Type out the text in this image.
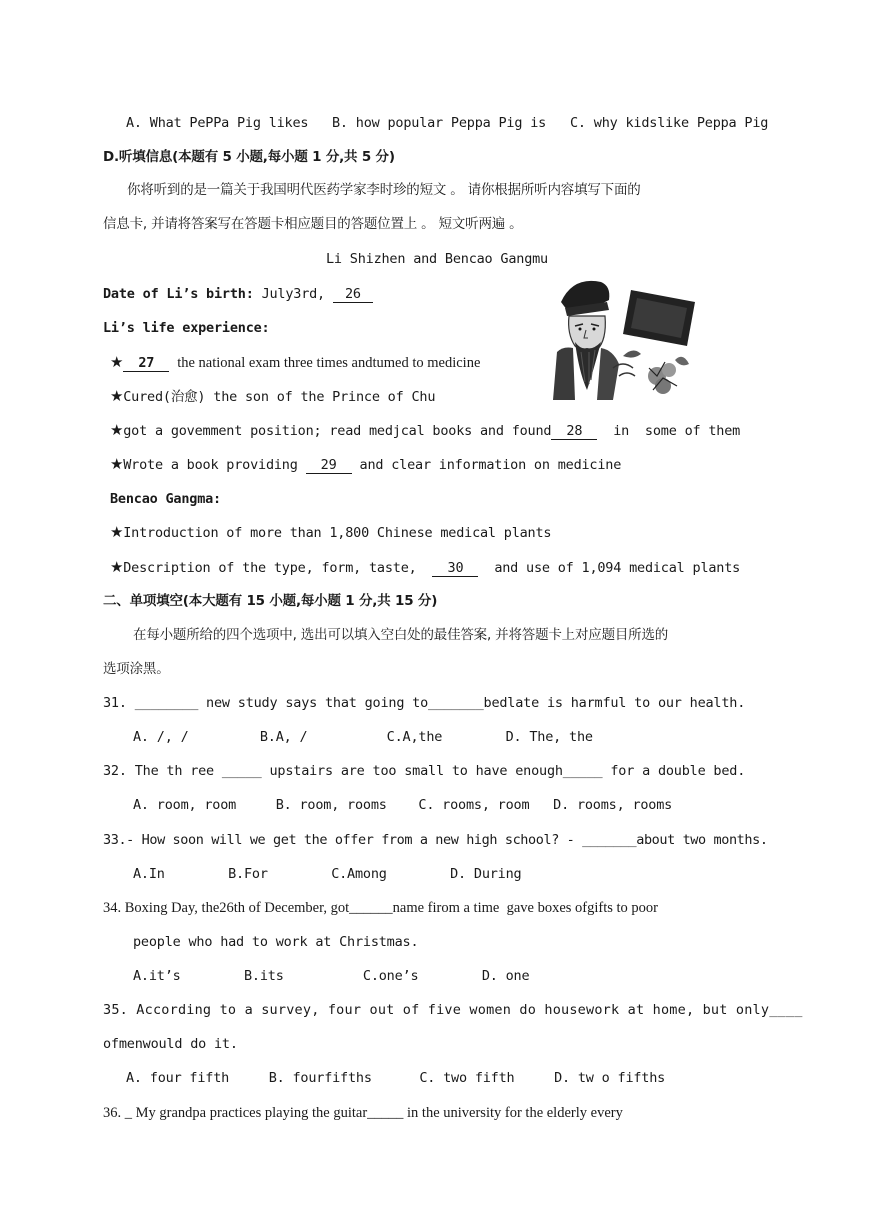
A. What PePPa Pig likes B. how popular Peppa Pig is C. why kidslike Peppa Pig
D.听填信息(本题有 5 小题,每小题 1 分,共 5 分)
你将听到的是一篇关于我国明代医药学家李时珍的短文 。 请你根据所听内容填写下面的
信息卡, 并请将答案写在答题卡相应题目的答题位置上 。 短文听两遍 。
Li Shizhen and Bencao Gangmu
Date of Li’s birth: July3rd, 26
Li’s life experience:
★ 27 the national exam three times andtumed to medicine
★Cured(治愈) the son of the Prince of Chu
★got a govemment position; read medjcal books and found 28 in  some of them
★Wrote a book providing 29 and clear information on medicine
Bencao Gangma:
★Introduction of more than 1,800 Chinese medical plants
★Description of the type, form, taste,  30  and use of 1,094 medical plants
二、单项填空(本大题有 15 小题,每小题 1 分,共 15 分)
在每小题所给的四个选项中, 选出可以填入空白处的最佳答案, 并将答题卡上对应题目所选的
选项涂黑。
31. ________ new study says that going to_______bedlate is harmful to our health.
A. /, /         B.A, /          C.A,the        D. The, the
32. The th ree _____ upstairs are too small to have enough_____ for a double bed.
A. room, room     B. room, rooms    C. rooms, room   D. rooms, rooms
33.- How soon will we get the offer from a new high school? - _______about two months.
A.In        B.For        C.Among        D. During
34. Boxing Day, the26th of December, got______name firom a time  gave boxes ofgifts to poor
people who had to work at Christmas.
A.it’s        B.its          C.one’s        D. one
35. According to a survey, four out of five women do housework at home, but only____
ofmenwould do it.
A. four fifth     B. fourfifths      C. two fifth     D. tw o fifths
36. _ My grandpa practices playing the guitar_____ in the university for the elderly every
